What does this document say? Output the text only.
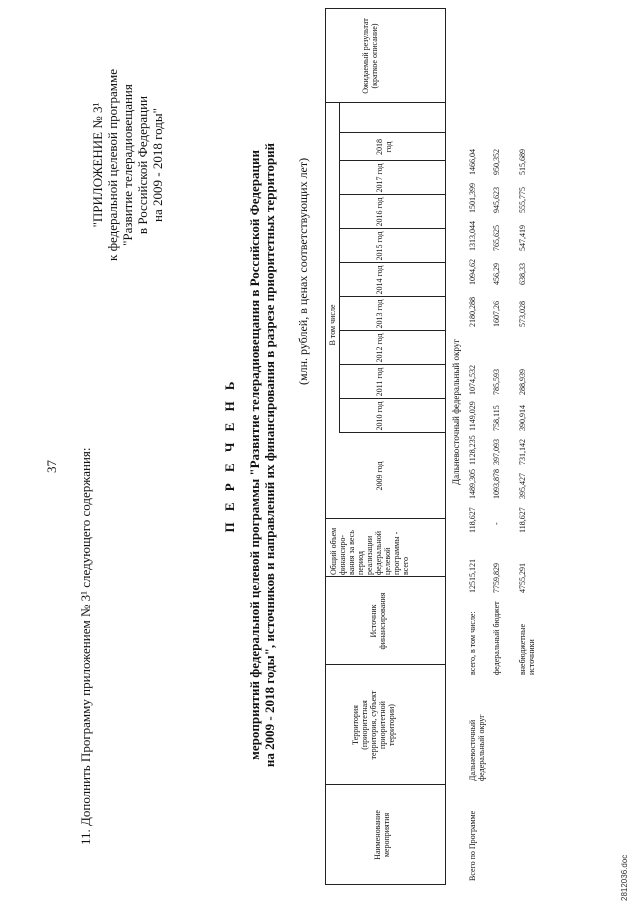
37 11. Дополнить Программу приложением № 3¹ следующего содержания:
"ПРИЛОЖЕНИЕ № 3¹ к федеральной целевой программе "Развитие телерадиовещания в Российской Федерации на 2009 - 2018 годы"
П Е Р Е Ч Е Н Ь мероприятий федеральной целевой программы "Развитие телерадиовещания в Российской Федерации на 2009 - 2018 годы", источников и направлений их финансирования в разрезе приоритетных территорий (млн. рублей, в ценах соответствующих лет)
Наименование мероприятия
Территория (приоритетная территория, субъект приоритетной территории)
Источник финансирования
Общий объем финансиро- вания за весь период реализации федеральной целевой программы - всего
В том числе
2009 год
2010 год
2011 год
2012 год
2013 год
2014 год
2015 год
2016 год
2017 год
2018 год
Ожидаемый результат (краткое описание)
Дальневосточный федеральный округ
Всего по Программе
Дальневосточный федеральный округ
всего, в том числе:
12515,121
118,627
1489,305
1128,235
1149,029
1074,532
2180,288
1094,62
1313,044
1501,399
1466,04
федеральный бюджет
7759,829
-
1093,878
397,093
758,115
785,593
1607,26
456,29
765,625
945,623
950,352
внебюджетные источники
4755,291
118,627
395,427
731,142
390,914
288,939
573,028
638,33
547,419
555,775
515,689
2812036.doc
